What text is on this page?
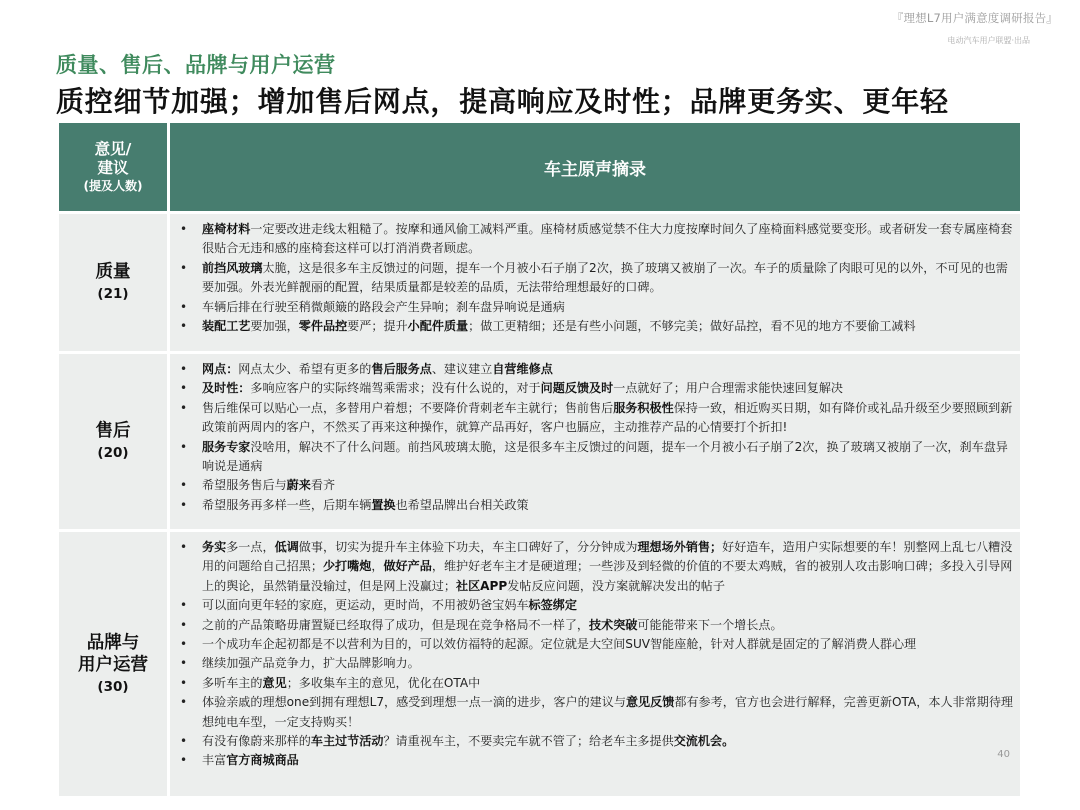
『理想L7用户满意度调研报告』
电动汽车用户联盟·出品
质量、售后、品牌与用户运营
质控细节加强；增加售后网点，提高响应及时性；品牌更务实、更年轻
意见/
建议
(提及人数)
车主原声摘录
质量
(21)
• 座椅材料一定要改进走线太粗糙了。按摩和通风偷工减料严重。座椅材质感觉禁不住大力度按摩时间久了座椅面料感觉要变形。或者研发一套专属座椅套很贴合无违和感的座椅套这样可以打消消费者顾虑。
• 前挡风玻璃太脆，这是很多车主反馈过的问题，提车一个月被小石子崩了2次，换了玻璃又被崩了一次。车子的质量除了肉眼可见的以外，不可见的也需要加强。外表光鲜靓丽的配置，结果质量都是较差的品质，无法带给理想最好的口碑。
• 车辆后排在行驶至稍微颠簸的路段会产生异响；刹车盘异响说是通病
• 装配工艺要加强，零件品控要严；提升小配件质量；做工更精细；还是有些小问题，不够完美；做好品控，看不见的地方不要偷工减料
售后
(20)
• 网点：网点太少、希望有更多的售后服务点、建议建立自营维修点
• 及时性：多响应客户的实际终端驾乘需求；没有什么说的，对于问题反馈及时一点就好了；用户合理需求能快速回复解决
• 售后维保可以贴心一点，多替用户着想；不要降价背刺老车主就行；售前售后服务积极性保持一致，相近购买日期，如有降价或礼品升级至少要照顾到新政策前两周内的客户，不然买了再来这种操作，就算产品再好，客户也膈应，主动推荐产品的心情要打个折扣!
• 服务专家没啥用，解决不了什么问题。前挡风玻璃太脆，这是很多车主反馈过的问题，提车一个月被小石子崩了2次，换了玻璃又被崩了一次，刹车盘异响说是通病
• 希望服务售后与蔚来看齐
• 希望服务再多样一些，后期车辆置换也希望品牌出台相关政策
品牌与
用户运营
(30)
• 务实多一点，低调做事，切实为提升车主体验下功夫，车主口碑好了，分分钟成为理想场外销售；好好造车，造用户实际想要的车！别整网上乱七八糟没用的问题给自己招黑；少打嘴炮，做好产品，维护好老车主才是硬道理；一些涉及到轻微的价值的不要太鸡贼，省的被别人攻击影响口碑；多投入引导网上的舆论，虽然销量没输过，但是网上没赢过；社区APP发帖反应问题，没方案就解决发出的帖子
• 可以面向更年轻的家庭，更运动，更时尚，不用被奶爸宝妈车标签绑定
• 之前的产品策略毋庸置疑已经取得了成功，但是现在竞争格局不一样了，技术突破可能能带来下一个增长点。
• 一个成功车企起初都是不以营利为目的，可以效仿福特的起源。定位就是大空间SUV智能座舱，针对人群就是固定的了解消费人群心理
• 继续加强产品竞争力，扩大品牌影响力。
• 多听车主的意见；多收集车主的意见，优化在OTA中
• 体验亲戚的理想one到拥有理想L7，感受到理想一点一滴的进步，客户的建议与意见反馈都有参考，官方也会进行解释，完善更新OTA，本人非常期待理想纯电车型，一定支持购买！
• 有没有像蔚来那样的车主过节活动？请重视车主，不要卖完车就不管了；给老车主多提供交流机会。
• 丰富官方商城商品	40
